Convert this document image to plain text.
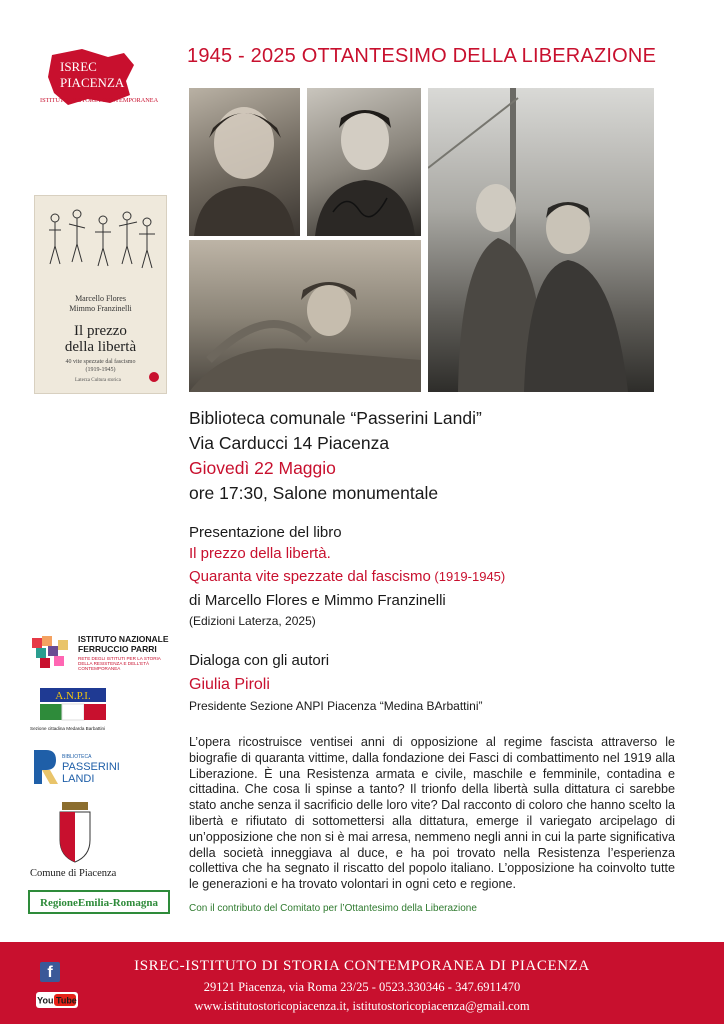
1945 - 2025 OTTANTESIMO DELLA LIBERAZIONE
ISREC
PIACENZA
ISTITUTO DI STORIA CONTEMPORANEA
Marcello Flores
Mimmo Franzinelli
Il prezzo
della libertà
40 vite spezzate dal fascismo
(1919-1945)
Laterza Cultura storica
Biblioteca comunale “Passerini Landi”
Via Carducci 14 Piacenza
Giovedì 22 Maggio
ore 17:30, Salone monumentale
Presentazione del libro
Il prezzo della libertà.
Quaranta vite spezzate dal fascismo (1919-1945)
di Marcello Flores e Mimmo Franzinelli
(Edizioni Laterza, 2025)
Dialoga con gli autori
Giulia Piroli
Presidente Sezione ANPI Piacenza “Medina BArbattini”
L’opera ricostruisce ventisei anni di opposizione al regime fascista attraverso le biografie di quaranta vittime, dalla fondazione dei Fasci di combattimento nel 1919 alla Liberazione. È una Resistenza armata e civile, maschile e femminile, contadina e cittadina. Che cosa li spinse a tanto? Il trionfo della libertà sulla dittatura ci sarebbe stato anche senza il sacrificio delle loro vite? Dal racconto di coloro che hanno scelto la libertà e rifiutato di sottomettersi alla dittatura, emerge il variegato arcipelago di un’opposizione che non si è mai arresa, nemmeno negli anni in cui la parte significativa della società inneggiava al duce, e ha poi trovato nella Resistenza l’esperienza collettiva che ha segnato il riscatto del popolo italiano. L’opposizione ha coinvolto tutte le generazioni e ha trovato volontari in ogni ceto e regione.
Con il contributo del Comitato per l’Ottantesimo della Liberazione
ISTITUTO NAZIONALE
FERRUCCIO PARRI
RETE DEGLI ISTITUTI PER LA STORIA
DELLA RESISTENZA E DELL'ETÀ
CONTEMPORANEA
A.N.P.I.
Sezione cittadina Medarda Barbattini
BIBLIOTECA
PASSERINI
LANDI
Comune di Piacenza
RegioneEmilia-Romagna
ISREC-ISTITUTO DI STORIA CONTEMPORANEA DI PIACENZA
29121 Piacenza, via Roma 23/25 - 0523.330346 - 347.6911470
www.istitutostoricopiacenza.it, istitutostoricopiacenza@gmail.com
f
You Tube
